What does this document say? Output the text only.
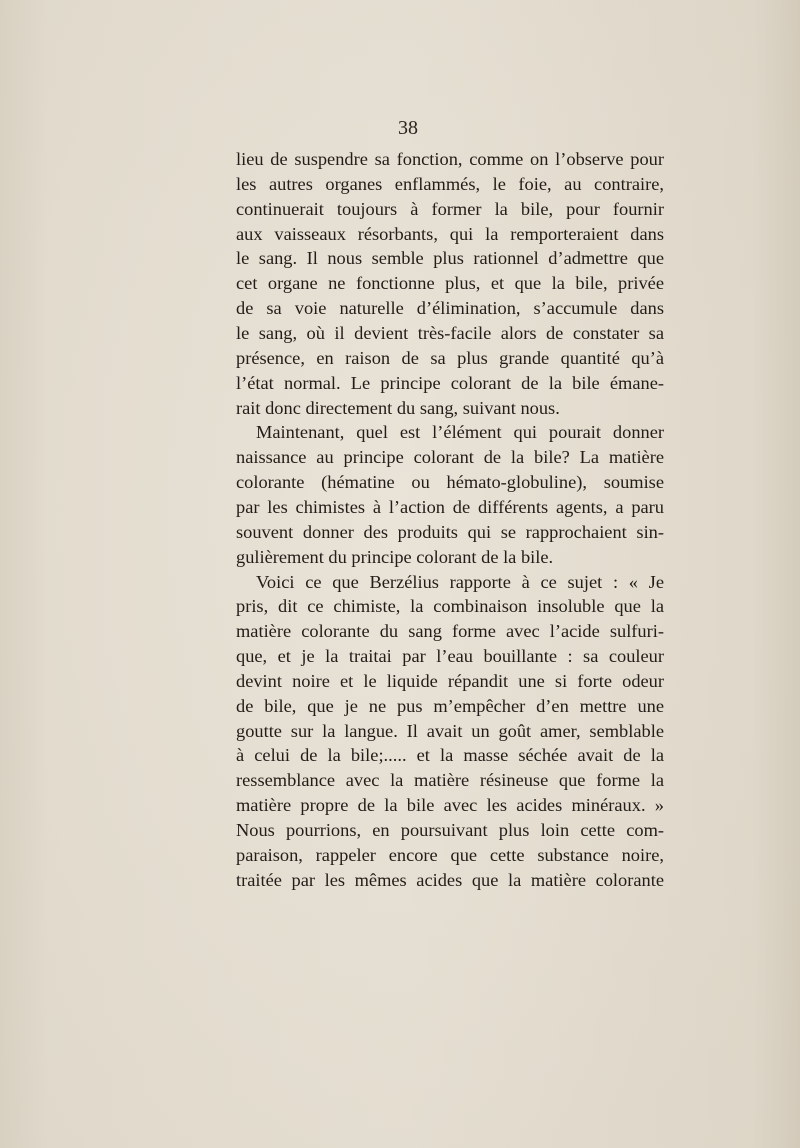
38
lieu de suspendre sa fonction, comme on l’observe pour
les autres organes enflammés, le foie, au contraire,
continuerait toujours à former la bile, pour fournir
aux vaisseaux résorbants, qui la remporteraient dans
le sang. Il nous semble plus rationnel d’admettre que
cet organe ne fonctionne plus, et que la bile, privée
de sa voie naturelle d’élimination, s’accumule dans
le sang, où il devient très-facile alors de constater sa
présence, en raison de sa plus grande quantité qu’à
l’état normal. Le principe colorant de la bile émane-
rait donc directement du sang, suivant nous.
Maintenant, quel est l’élément qui pourait donner
naissance au principe colorant de la bile? La matière
colorante (hématine ou hémato-globuline), soumise
par les chimistes à l’action de différents agents, a paru
souvent donner des produits qui se rapprochaient sin-
gulièrement du principe colorant de la bile.
Voici ce que Berzélius rapporte à ce sujet : « Je
pris, dit ce chimiste, la combinaison insoluble que la
matière colorante du sang forme avec l’acide sulfuri-
que, et je la traitai par l’eau bouillante : sa couleur
devint noire et le liquide répandit une si forte odeur
de bile, que je ne pus m’empêcher d’en mettre une
goutte sur la langue. Il avait un goût amer, semblable
à celui de la bile;..... et la masse séchée avait de la
ressemblance avec la matière résineuse que forme la
matière propre de la bile avec les acides minéraux. »
Nous pourrions, en poursuivant plus loin cette com-
paraison, rappeler encore que cette substance noire,
traitée par les mêmes acides que la matière colorante
